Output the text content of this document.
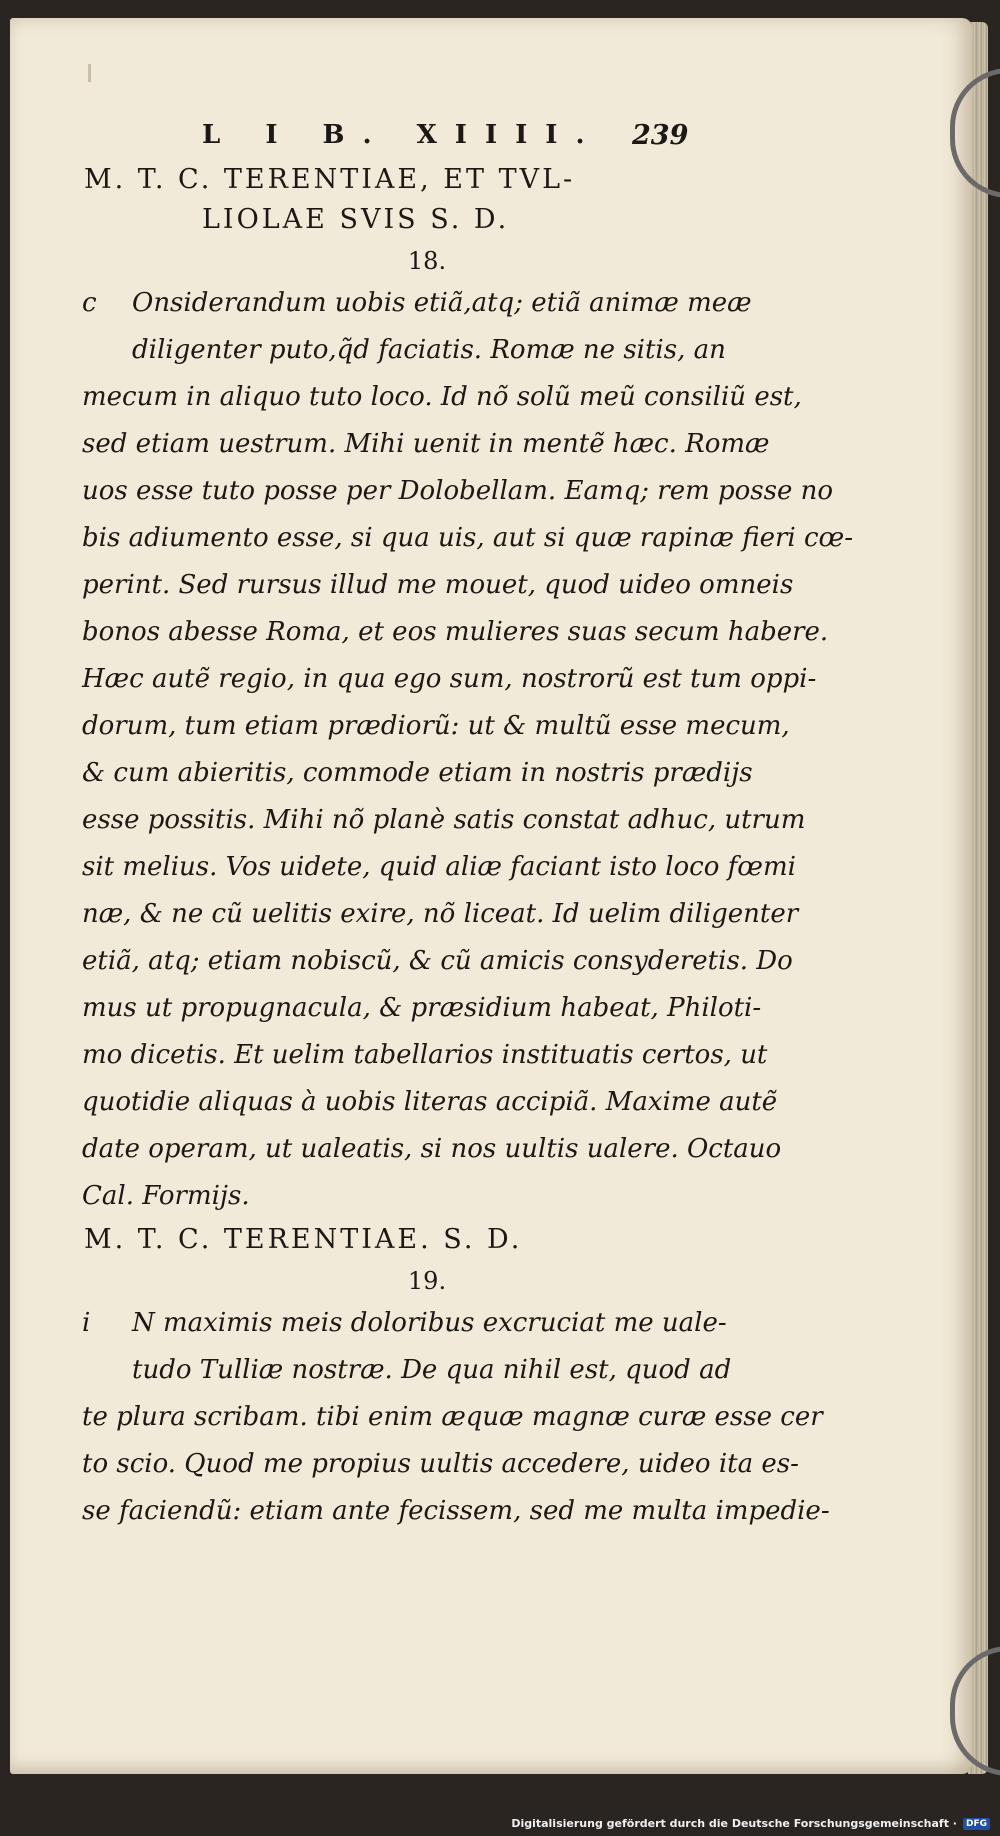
L I B. XIIII. 239
M. T. C. TERENTIAE, ET TVL-
LIOLAE SVIS S. D.
18.
c Onsiderandum uobis etiã,atq; etiã animæ meæ
diligenter puto,q̃d faciatis. Romæ ne sitis, an
mecum in aliquo tuto loco. Id nõ solũ meũ consiliũ est,
sed etiam uestrum. Mihi uenit in mentẽ hæc. Romæ
uos esse tuto posse per Dolobellam. Eamq; rem posse no
bis adiumento esse, si qua uis, aut si quæ rapinæ fieri cœ-
perint. Sed rursus illud me mouet, quod uideo omneis
bonos abesse Roma, et eos mulieres suas secum habere.
Hæc autẽ regio, in qua ego sum, nostrorũ est tum oppi-
dorum, tum etiam prædiorũ: ut & multũ esse mecum,
& cum abieritis, commode etiam in nostris prædijs
esse possitis. Mihi nõ planè satis constat adhuc, utrum
sit melius. Vos uidete, quid aliæ faciant isto loco fœmi
næ, & ne cũ uelitis exire, nõ liceat. Id uelim diligenter
etiã, atq; etiam nobiscũ, & cũ amicis consyderetis. Do
mus ut propugnacula, & præsidium habeat, Philoti-
mo dicetis. Et uelim tabellarios instituatis certos, ut
quotidie aliquas à uobis literas accipiã. Maxime autẽ
date operam, ut ualeatis, si nos uultis ualere. Octauo
Cal. Formijs.
M. T. C. TERENTIAE. S. D.
19.
i N maximis meis doloribus excruciat me uale-
tudo Tulliæ nostræ. De qua nihil est, quod ad
te plura scribam. tibi enim æquæ magnæ curæ esse cer
to scio. Quod me propius uultis accedere, uideo ita es-
se faciendũ: etiam ante fecissem, sed me multa impedie-
Digitalisierung gefördert durch die Deutsche Forschungsgemeinschaft ·	DFG
